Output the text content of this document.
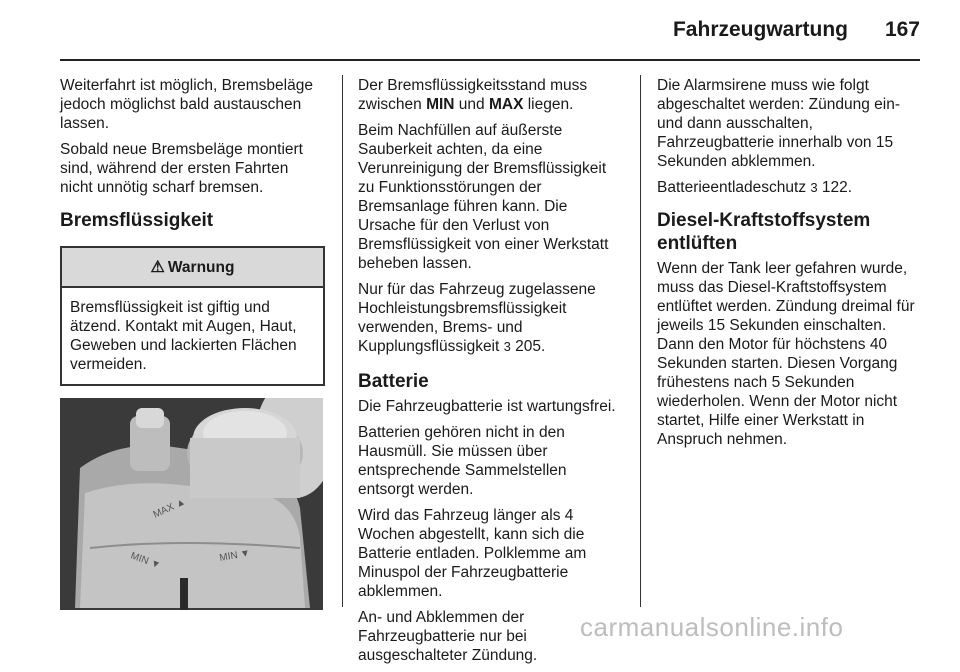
Fahrzeugwartung 167

Weiterfahrt ist möglich, Bremsbeläge jedoch möglichst bald austauschen lassen.

Sobald neue Bremsbeläge montiert sind, während der ersten Fahrten nicht unnötig scharf bremsen.

Bremsflüssigkeit
⚠ Warnung
Bremsflüssigkeit ist giftig und ätzend. Kontakt mit Augen, Haut, Geweben und lackierten Flächen vermeiden.
MAX ▲
MIN ▼	MIN ▼

Der Bremsflüssigkeitsstand muss zwischen MIN und MAX liegen.

Beim Nachfüllen auf äußerste Sauberkeit achten, da eine Verunreinigung der Bremsflüssigkeit zu Funktionsstörungen der Bremsanlage führen kann. Die Ursache für den Verlust von Bremsflüssigkeit von einer Werkstatt beheben lassen.

Nur für das Fahrzeug zugelassene Hochleistungsbremsflüssigkeit verwenden, Brems- und Kupplungsflüssigkeit 3 205.

Batterie

Die Fahrzeugbatterie ist wartungsfrei.

Batterien gehören nicht in den Hausmüll. Sie müssen über entsprechende Sammelstellen entsorgt werden.

Wird das Fahrzeug länger als 4 Wochen abgestellt, kann sich die Batterie entladen. Polklemme am Minuspol der Fahrzeugbatterie abklemmen.

An- und Abklemmen der Fahrzeugbatterie nur bei ausgeschalteter Zündung.

Die Alarmsirene muss wie folgt abgeschaltet werden: Zündung ein- und dann ausschalten, Fahrzeugbatterie innerhalb von 15 Sekunden abklemmen.

Batterieentladeschutz 3 122.

Diesel-Kraftstoffsystem entlüften

Wenn der Tank leer gefahren wurde, muss das Diesel-Kraftstoffsystem entlüftet werden. Zündung dreimal für jeweils 15 Sekunden einschalten. Dann den Motor für höchstens 40 Sekunden starten. Diesen Vorgang frühestens nach 5 Sekunden wiederholen. Wenn der Motor nicht startet, Hilfe einer Werkstatt in Anspruch nehmen.

carmanualsonline.info
